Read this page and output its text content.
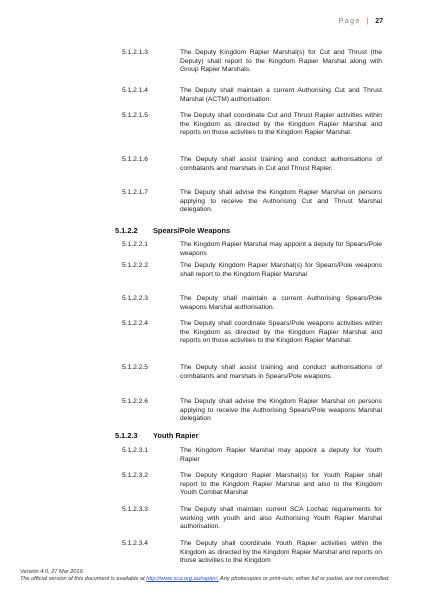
Page | 27
5.1.2.1.3	The Deputy Kingdom Rapier Marshal(s) for Cut and Thrust (the Deputy) shall report to the Kingdom Rapier Marshal along with Group Rapier Marshals.
5.1.2.1.4	The Deputy shall maintain a current Authorising Cut and Thrust Marshal (ACTM) authorisation.
5.1.2.1.5	The Deputy shall coordinate Cut and Thrust Rapier activities within the Kingdom as directed by the Kingdom Rapier Marshal and reports on those activities to the Kingdom Rapier Marshal.
5.1.2.1.6	The Deputy shall assist training and conduct authorisations of combatants and marshals in Cut and Thrust Rapier.
5.1.2.1.7	The Deputy shall advise the Kingdom Rapier Marshal on persons applying to receive the Authorising Cut and Thrust Marshal delegation.
5.1.2.2 Spears/Pole Weapons
5.1.2.2.1	The Kingdom Rapier Marshal may appoint a deputy for Spears/Pole weapons
5.1.2.2.2	The Deputy Kingdom Rapier Marshal(s) for Spears/Pole weapons shall report to the Kingdom Rapier Marshal
5.1.2.2.3	The Deputy shall maintain a current Authorising Spears/Pole weapons Marshal authorisation.
5.1.2.2.4	The Deputy shall coordinate Spears/Pole weapons activities within the Kingdom as directed by the Kingdom Rapier Marshal and reports on those activities to the Kingdom Rapier Marshal.
5.1.2.2.5	The Deputy shall assist training and conduct authorisations of combatants and marshals in Spears/Pole weapons.
5.1.2.2.6	The Deputy shall advise the Kingdom Rapier Marshal on persons applying to receive the Authorising Spears/Pole weapons Marshal delegation
5.1.2.3 Youth Rapier
5.1.2.3.1	The Kingdom Rapier Marshal may appoint a deputy for Youth Rapier
5.1.2.3.2	The Deputy Kingdom Rapier Marshal(s) for Youth Rapier shall report to the Kingdom Rapier Marshal and also to the Kingdom Youth Combat Marshal
5.1.2.3.3	The Deputy shall maintain current SCA Lochac requirements for working with youth and also Authorising Youth Rapier Marshal authorisation.
5.1.2.3.4	The Deputy shall coordinate Youth Rapier activities within the Kingdom as directed by the Kingdom Rapier Marshal and reports on those activities to the Kingdom
Version 4.0, 27 Mar 2019.
The official version of this document is available at http://www.sca.org.au/rapier/. Any photocopies or print-outs, either full or partial, are not controlled.
